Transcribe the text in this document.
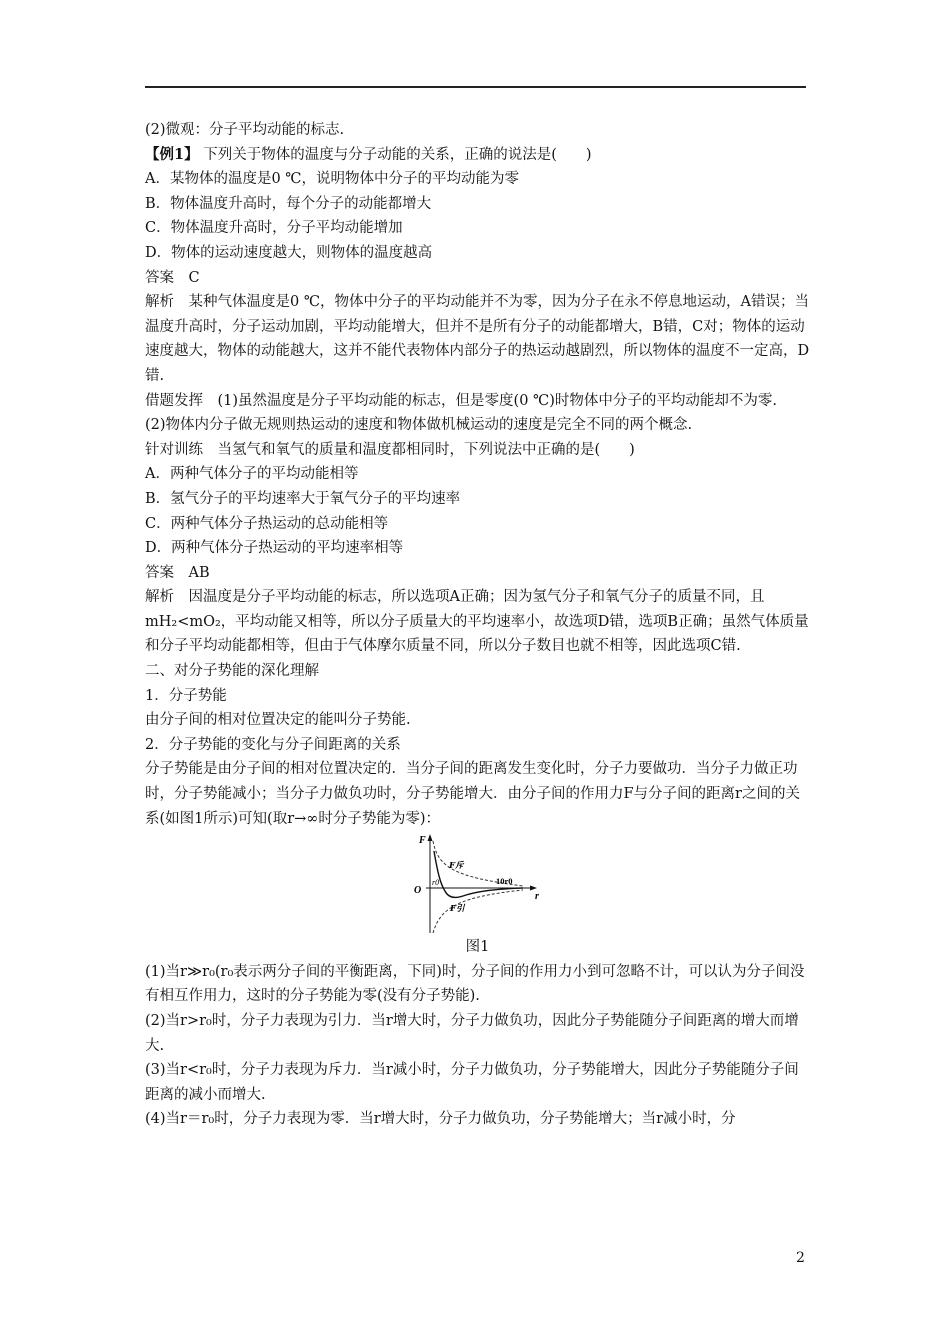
(2)微观：分子平均动能的标志.

【例1】 下列关于物体的温度与分子动能的关系，正确的说法是(　　)

A．某物体的温度是0 ℃，说明物体中分子的平均动能为零

B．物体温度升高时，每个分子的动能都增大

C．物体温度升高时，分子平均动能增加

D．物体的运动速度越大，则物体的温度越高

答案　C

解析　某种气体温度是0 ℃，物体中分子的平均动能并不为零，因为分子在永不停息地运动，A错误；当温度升高时，分子运动加剧，平均动能增大，但并不是所有分子的动能都增大，B错，C对；物体的运动速度越大，物体的动能越大，这并不能代表物体内部分子的热运动越剧烈，所以物体的温度不一定高，D错.

借题发挥　(1)虽然温度是分子平均动能的标志，但是零度(0 ℃)时物体中分子的平均动能却不为零.

(2)物体内分子做无规则热运动的速度和物体做机械运动的速度是完全不同的两个概念.

针对训练　当氢气和氧气的质量和温度都相同时，下列说法中正确的是(　　)

A．两种气体分子的平均动能相等

B．氢气分子的平均速率大于氧气分子的平均速率

C．两种气体分子热运动的总动能相等

D．两种气体分子热运动的平均速率相等

答案　AB

解析　因温度是分子平均动能的标志，所以选项A正确；因为氢气分子和氧气分子的质量不同，且mH₂<mO₂，平均动能又相等，所以分子质量大的平均速率小，故选项D错，选项B正确；虽然气体质量和分子平均动能都相等，但由于气体摩尔质量不同，所以分子数目也就不相等，因此选项C错.

二、对分子势能的深化理解

1．分子势能

由分子间的相对位置决定的能叫分子势能.

2．分子势能的变化与分子间距离的关系

分子势能是由分子间的相对位置决定的．当分子间的距离发生变化时，分子力要做功．当分子力做正功时，分子势能减小；当分子力做负功时，分子势能增大．由分子间的作用力F与分子间的距离r之间的关系(如图1所示)可知(取r→∞时分子势能为零)：

F
r
O
r0	10r0
F斥
F引

图1

(1)当r≫r₀(r₀表示两分子间的平衡距离，下同)时，分子间的作用力小到可忽略不计，可以认为分子间没有相互作用力，这时的分子势能为零(没有分子势能).

(2)当r>r₀时，分子力表现为引力．当r增大时，分子力做负功，因此分子势能随分子间距离的增大而增大.

(3)当r<r₀时，分子力表现为斥力．当r减小时，分子力做负功，分子势能增大，因此分子势能随分子间距离的减小而增大.

(4)当r＝r₀时，分子力表现为零．当r增大时，分子力做负功，分子势能增大；当r减小时，分

2
